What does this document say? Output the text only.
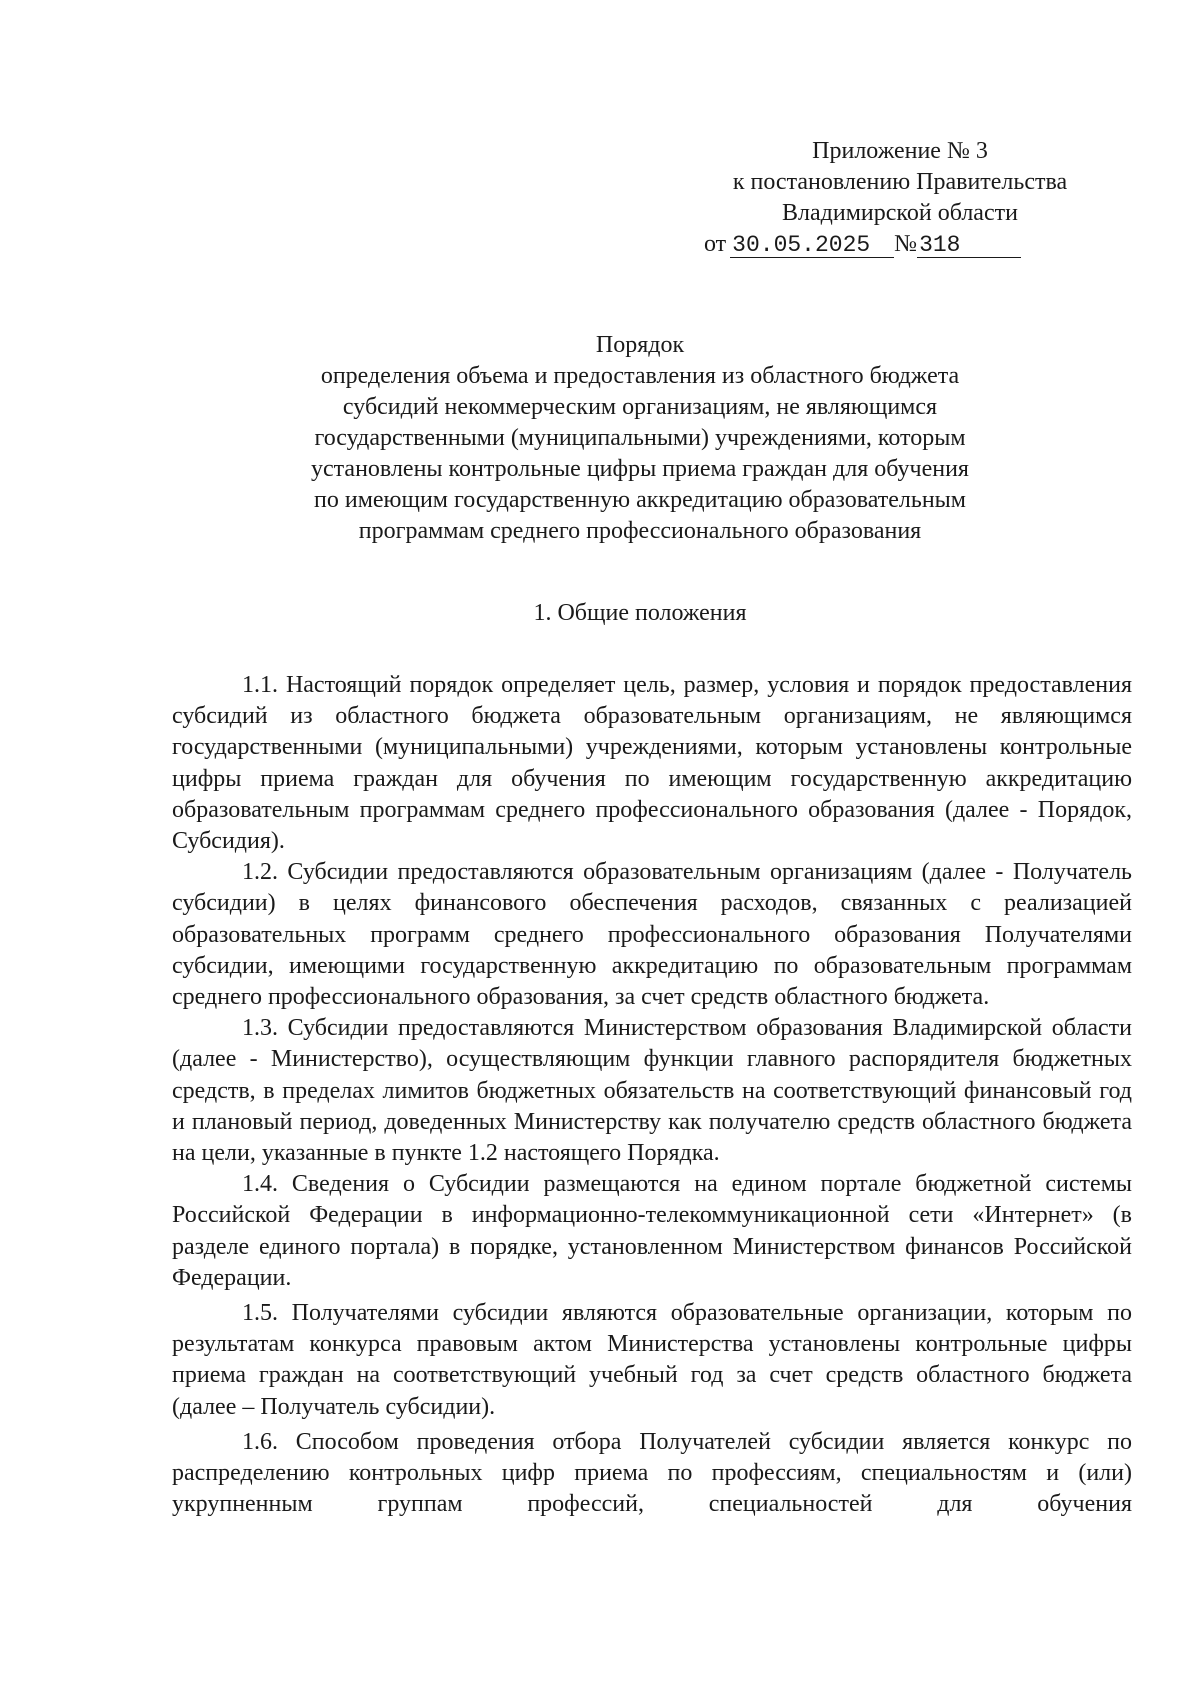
Приложение № 3
к постановлению Правительства
Владимирской области
от 30.05.2025 №318
Порядок
определения объема и предоставления из областного бюджета
субсидий некоммерческим организациям, не являющимся
государственными (муниципальными) учреждениями, которым
установлены контрольные цифры приема граждан для обучения
по имеющим государственную аккредитацию образовательным
программам среднего профессионального образования
1. Общие положения

1.1. Настоящий порядок определяет цель, размер, условия и порядок предоставления субсидий из областного бюджета образовательным организациям, не являющимся государственными (муниципальными) учреждениями, которым установлены контрольные цифры приема граждан для обучения по имеющим государственную аккредитацию образовательным программам среднего профессионального образования (далее - Порядок, Субсидия).

1.2. Субсидии предоставляются образовательным организациям (далее - Получатель субсидии) в целях финансового обеспечения расходов, связанных с реализацией образовательных программ среднего профессионального образования Получателями субсидии, имеющими государственную аккредитацию по образовательным программам среднего профессионального образования, за счет средств областного бюджета.

1.3. Субсидии предоставляются Министерством образования Владимирской области (далее - Министерство), осуществляющим функции главного распорядителя бюджетных средств, в пределах лимитов бюджетных обязательств на соответствующий финансовый год и плановый период, доведенных Министерству как получателю средств областного бюджета на цели, указанные в пункте 1.2 настоящего Порядка.

1.4. Сведения о Субсидии размещаются на едином портале бюджетной системы Российской Федерации в информационно-телекоммуникационной сети «Интернет» (в разделе единого портала) в порядке, установленном Министерством финансов Российской Федерации.

1.5. Получателями субсидии являются образовательные организации, которым по результатам конкурса правовым актом Министерства установлены контрольные цифры приема граждан на соответствующий учебный год за счет средств областного бюджета (далее – Получатель субсидии).

1.6. Способом проведения отбора Получателей субсидии является конкурс по распределению контрольных цифр приема по профессиям, специальностям и (или) укрупненным группам профессий, специальностей для обучения
